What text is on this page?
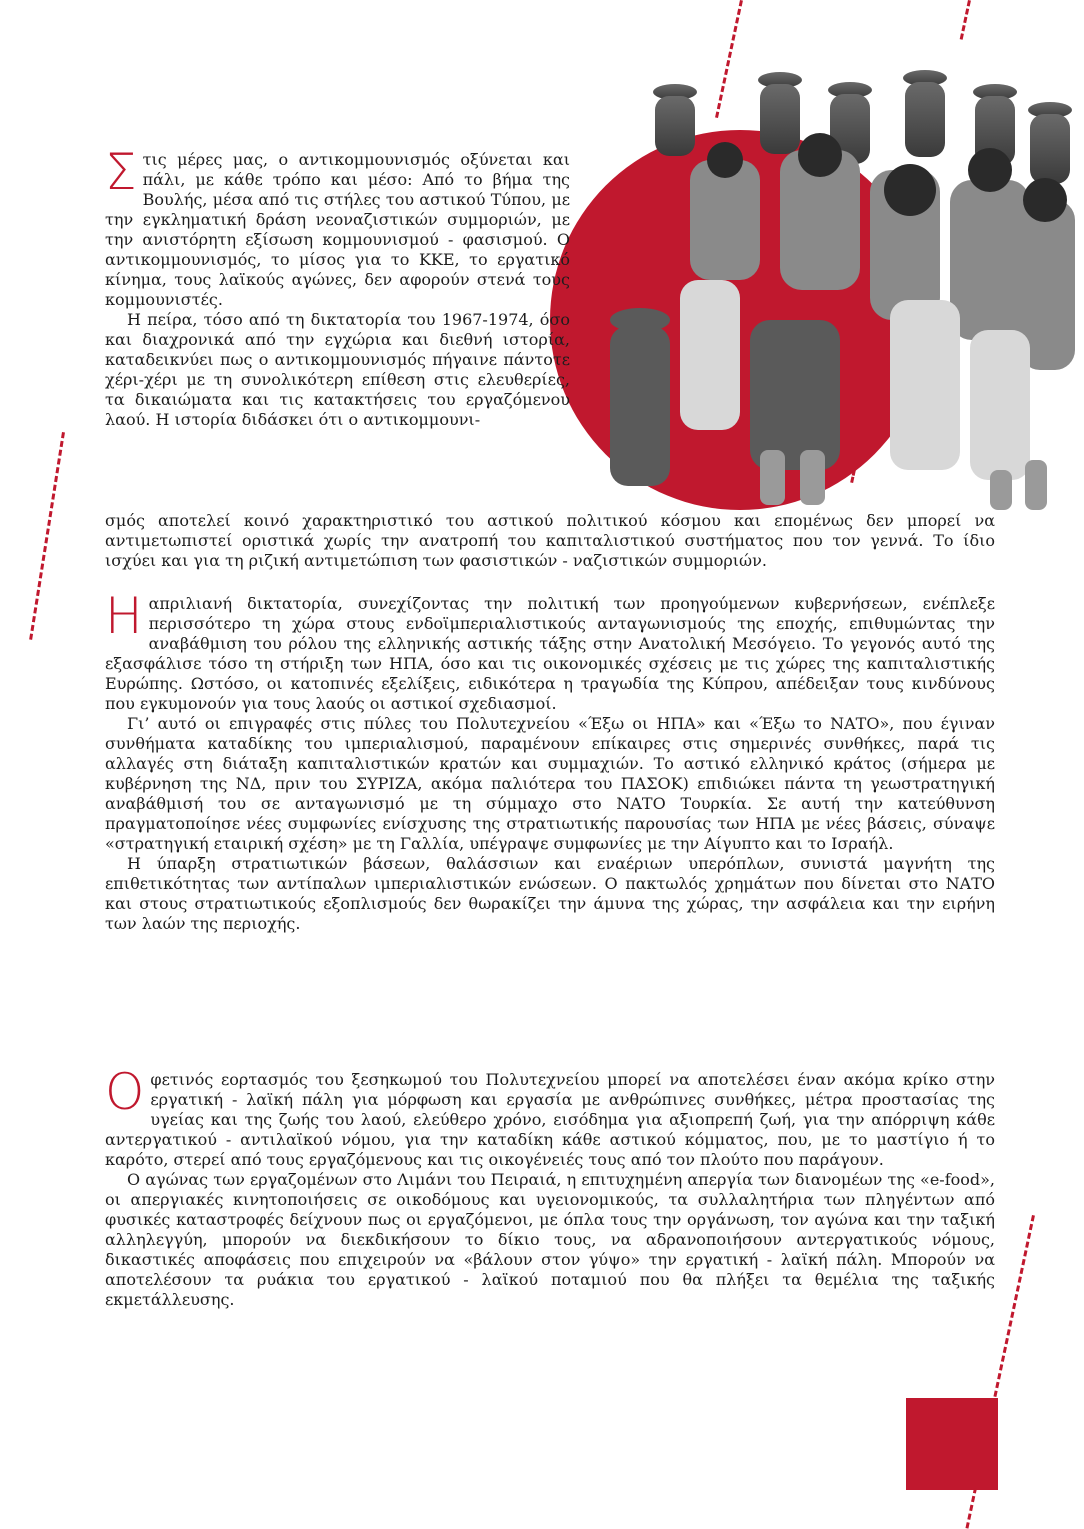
Στις μέρες μας, ο αντικομμουνισμός οξύνεται και πάλι, με κάθε τρόπο και μέσο: Από το βήμα της Βουλής, μέσα από τις στήλες του αστικού Τύπου, με την εγκληματική δράση νεοναζιστικών συμμοριών, με την ανιστόρητη εξίσωση κομμουνισμού - φασισμού. Ο αντικομμουνισμός, το μίσος για το ΚΚΕ, το εργατικό κίνημα, τους λαϊκούς αγώνες, δεν αφορούν στενά τους κομμουνιστές.

Η πείρα, τόσο από τη δικτατορία του 1967-1974, όσο και διαχρονικά από την εγχώρια και διεθνή ιστορία, καταδεικνύει πως ο αντικομμουνισμός πήγαινε πάντοτε χέρι-χέρι με τη συνολικότερη επίθεση στις ελευθερίες, τα δικαιώματα και τις κατακτήσεις του εργαζόμενου λαού. Η ιστορία διδάσκει ότι ο αντικομμουνι-

σμός αποτελεί κοινό χαρακτηριστικό του αστικού πολιτικού κόσμου και επομένως δεν μπορεί να αντιμετωπιστεί οριστικά χωρίς την ανατροπή του καπιταλιστικού συστήματος που τον γεννά. Το ίδιο ισχύει και για τη ριζική αντιμετώπιση των φασιστικών - ναζιστικών συμμοριών.

Ηαπριλιανή δικτατορία, συνεχίζοντας την πολιτική των προηγούμενων κυβερνήσεων, ενέπλεξε περισσότερο τη χώρα στους ενδοϊμπεριαλιστικούς ανταγωνισμούς της εποχής, επιθυμώντας την αναβάθμιση του ρόλου της ελληνικής αστικής τάξης στην Ανατολική Μεσόγειο. Το γεγονός αυτό της εξασφάλισε τόσο τη στήριξη των ΗΠΑ, όσο και τις οικονομικές σχέσεις με τις χώρες της καπιταλιστικής Ευρώπης. Ωστόσο, οι κατοπινές εξελίξεις, ειδικότερα η τραγωδία της Κύπρου, απέδειξαν τους κινδύνους που εγκυμονούν για τους λαούς οι αστικοί σχεδιασμοί.

Γι’ αυτό οι επιγραφές στις πύλες του Πολυτεχνείου «Έξω οι ΗΠΑ» και «Έξω το ΝΑΤΟ», που έγιναν συνθήματα καταδίκης του ιμπεριαλισμού, παραμένουν επίκαιρες στις σημερινές συνθήκες, παρά τις αλλαγές στη διάταξη καπιταλιστικών κρατών και συμμαχιών. Το αστικό ελληνικό κράτος (σήμερα με κυβέρνηση της ΝΔ, πριν του ΣΥΡΙΖΑ, ακόμα παλιότερα του ΠΑΣΟΚ) επιδιώκει πάντα τη γεωστρατηγική αναβάθμισή του σε ανταγωνισμό με τη σύμμαχο στο ΝΑΤΟ Τουρκία. Σε αυτή την κατεύθυνση πραγματοποίησε νέες συμφωνίες ενίσχυσης της στρατιωτικής παρουσίας των ΗΠΑ με νέες βάσεις, σύναψε «στρατηγική εταιρική σχέση» με τη Γαλλία, υπέγραψε συμφωνίες με την Αίγυπτο και το Ισραήλ.

Η ύπαρξη στρατιωτικών βάσεων, θαλάσσιων και εναέριων υπερόπλων, συνιστά μαγνήτη της επιθετικότητας των αντίπαλων ιμπεριαλιστικών ενώσεων. Ο πακτωλός χρημάτων που δίνεται στο ΝΑΤΟ και στους στρατιωτικούς εξοπλισμούς δεν θωρακίζει την άμυνα της χώρας, την ασφάλεια και την ειρήνη των λαών της περιοχής.

Οφετινός εορτασμός του ξεσηκωμού του Πολυτεχνείου μπορεί να αποτελέσει έναν ακόμα κρίκο στην εργατική - λαϊκή πάλη για μόρφωση και εργασία με ανθρώπινες συνθήκες, μέτρα προστασίας της υγείας και της ζωής του λαού, ελεύθερο χρόνο, εισόδημα για αξιοπρεπή ζωή, για την απόρριψη κάθε αντεργατικού - αντιλαϊκού νόμου, για την καταδίκη κάθε αστικού κόμματος, που, με το μαστίγιο ή το καρότο, στερεί από τους εργαζόμενους και τις οικογένειές τους από τον πλούτο που παράγουν.

Ο αγώνας των εργαζομένων στο Λιμάνι του Πειραιά, η επιτυχημένη απεργία των διανομέων της «e-food», οι απεργιακές κινητοποιήσεις σε οικοδόμους και υγειονομικούς, τα συλλαλητήρια των πληγέντων από φυσικές καταστροφές δείχνουν πως οι εργαζόμενοι, με όπλα τους την οργάνωση, τον αγώνα και την ταξική αλληλεγγύη, μπορούν να διεκδικήσουν το δίκιο τους, να αδρανοποιήσουν αντεργατικούς νόμους, δικαστικές αποφάσεις που επιχειρούν να «βάλουν στον γύψο» την εργατική - λαϊκή πάλη. Μπορούν να αποτελέσουν τα ρυάκια του εργατικού - λαϊκού ποταμιού που θα πλήξει τα θεμέλια της ταξικής εκμετάλλευσης.
